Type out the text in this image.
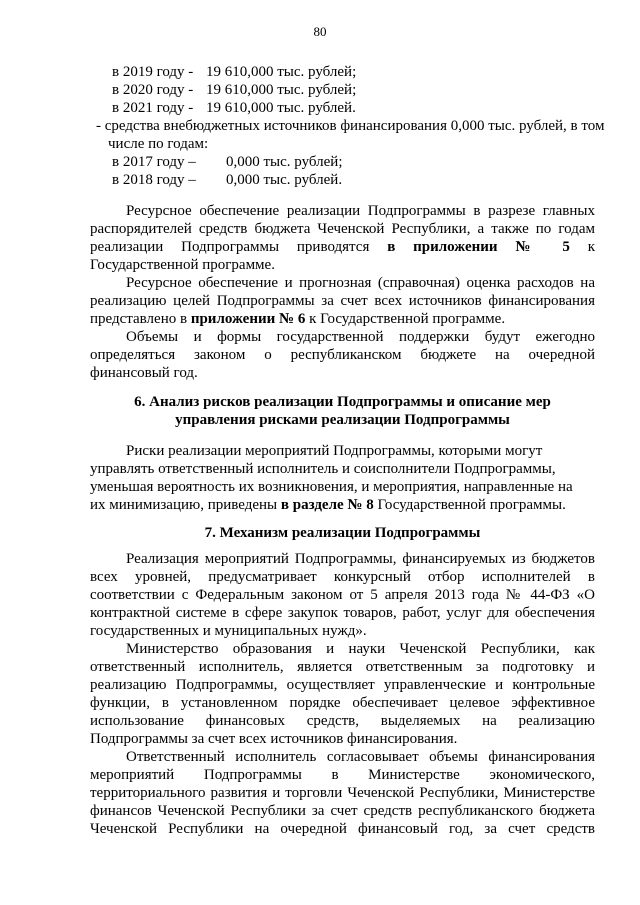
80
в 2019 году - 19 610,000 тыс. рублей;
в 2020 году - 19 610,000 тыс. рублей;
в 2021 году - 19 610,000 тыс. рублей.
- средства внебюджетных источников финансирования 0,000 тыс. рублей, в том
числе по годам:
в 2017 году – 0,000 тыс. рублей;
в 2018 году – 0,000 тыс. рублей.
Ресурсное обеспечение реализации Подпрограммы в разрезе главных
распорядителей средств бюджета Чеченской Республики, а также по годам
реализации Подпрограммы приводятся в приложении № 5 к
Государственной программе.
Ресурсное обеспечение и прогнозная (справочная) оценка расходов на
реализацию целей Подпрограммы за счет всех источников финансирования
представлено в приложении № 6 к Государственной программе.
Объемы и формы государственной поддержки будут ежегодно
определяться законом о республиканском бюджете на очередной
финансовый год.
6. Анализ рисков реализации Подпрограммы и описание мер
управления рисками реализации Подпрограммы
Риски реализации мероприятий Подпрограммы, которыми могут
управлять ответственный исполнитель и соисполнители Подпрограммы,
уменьшая вероятность их возникновения, и мероприятия, направленные на
их минимизацию, приведены в разделе № 8 Государственной программы.
7. Механизм реализации Подпрограммы
Реализация мероприятий Подпрограммы, финансируемых из бюджетов
всех уровней, предусматривает конкурсный отбор исполнителей в
соответствии с Федеральным законом от 5 апреля 2013 года № 44-ФЗ «О
контрактной системе в сфере закупок товаров, работ, услуг для обеспечения
государственных и муниципальных нужд».
Министерство образования и науки Чеченской Республики, как
ответственный исполнитель, является ответственным за подготовку и
реализацию Подпрограммы, осуществляет управленческие и контрольные
функции, в установленном порядке обеспечивает целевое эффективное
использование финансовых средств, выделяемых на реализацию
Подпрограммы за счет всех источников финансирования.
Ответственный исполнитель согласовывает объемы финансирования
мероприятий Подпрограммы в Министерстве экономического,
территориального развития и торговли Чеченской Республики, Министерстве
финансов Чеченской Республики за счет средств республиканского бюджета
Чеченской Республики на очередной финансовый год, за счет средств
